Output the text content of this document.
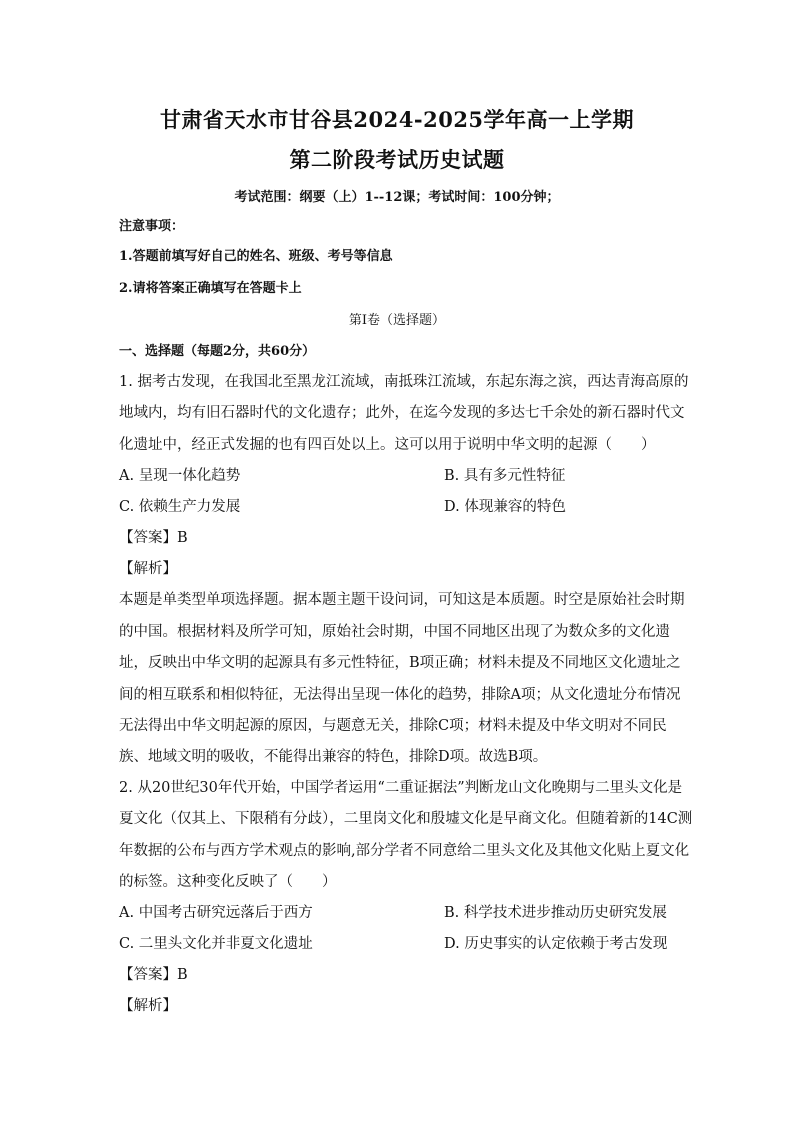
甘肃省天水市甘谷县2024-2025学年高一上学期
第二阶段考试历史试题
考试范围：纲要（上）1--12课；考试时间：100分钟；
注意事项：
1.答题前填写好自己的姓名、班级、考号等信息
2.请将答案正确填写在答题卡上
第Ⅰ卷（选择题）
一、选择题（每题2分，共60分）
1. 据考古发现，在我国北至黑龙江流域，南抵珠江流域，东起东海之滨，西达青海高原的
地域内，均有旧石器时代的文化遗存；此外，在迄今发现的多达七千余处的新石器时代文
化遗址中，经正式发掘的也有四百处以上。这可以用于说明中华文明的起源（　　）
A. 呈现一体化趋势	B. 具有多元性特征
C. 依赖生产力发展	D. 体现兼容的特色
【答案】B
【解析】
本题是单类型单项选择题。据本题主题干设问词，可知这是本质题。时空是原始社会时期
的中国。根据材料及所学可知，原始社会时期，中国不同地区出现了为数众多的文化遗
址，反映出中华文明的起源具有多元性特征，B项正确；材料未提及不同地区文化遗址之
间的相互联系和相似特征，无法得出呈现一体化的趋势，排除A项；从文化遗址分布情况
无法得出中华文明起源的原因，与题意无关，排除C项；材料未提及中华文明对不同民
族、地域文明的吸收，不能得出兼容的特色，排除D项。故选B项。
2. 从20世纪30年代开始，中国学者运用“二重证据法”判断龙山文化晚期与二里头文化是
夏文化（仅其上、下限稍有分歧），二里岗文化和殷墟文化是早商文化。但随着新的14C测
年数据的公布与西方学术观点的影响,部分学者不同意给二里头文化及其他文化贴上夏文化
的标签。这种变化反映了（　　）
A. 中国考古研究远落后于西方	B. 科学技术进步推动历史研究发展
C. 二里头文化并非夏文化遗址	D. 历史事实的认定依赖于考古发现
【答案】B
【解析】
